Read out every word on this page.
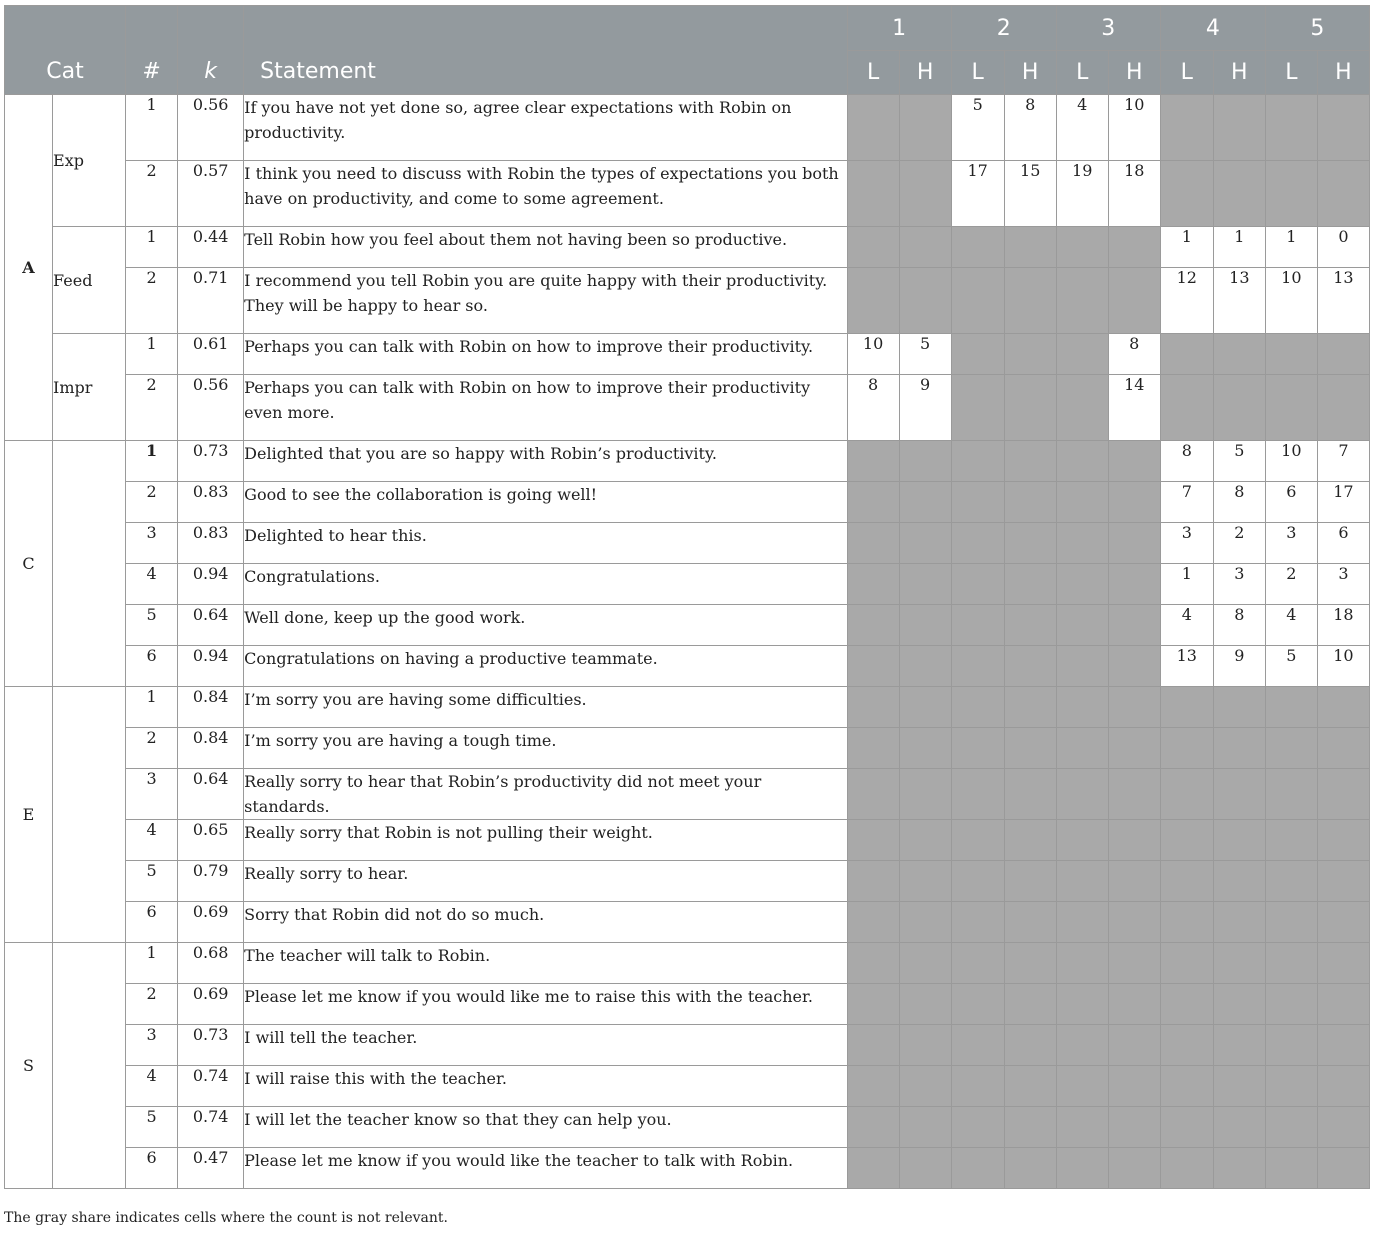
Cat		#	k	Statement	1		2		3		4		5	
					L	H	L	H	L	H	L	H	L	H
A	Exp	1	0.56	If you have not yet done so, agree clear expectations with Robin on productivity.			5	8	4	10				
		2	0.57	I think you need to discuss with Robin the types of expectations you both have on productivity, and come to some agreement.			17	15	19	18				
	Feed	1	0.44	Tell Robin how you feel about them not having been so productive.							1	1	1	0
		2	0.71	I recommend you tell Robin you are quite happy with their productivity. They will be happy to hear so.							12	13	10	13
	Impr	1	0.61	Perhaps you can talk with Robin on how to improve their productivity.	10	5				8				
		2	0.56	Perhaps you can talk with Robin on how to improve their productivity even more.	8	9				14				
C		1	0.73	Delighted that you are so happy with Robin’s productivity.							8	5	10	7
		2	0.83	Good to see the collaboration is going well!							7	8	6	17
		3	0.83	Delighted to hear this.							3	2	3	6
		4	0.94	Congratulations.							1	3	2	3
		5	0.64	Well done, keep up the good work.							4	8	4	18
		6	0.94	Congratulations on having a productive teammate.							13	9	5	10
E		1	0.84	I’m sorry you are having some difficulties.										
		2	0.84	I’m sorry you are having a tough time.										
		3	0.64	Really sorry to hear that Robin’s productivity did not meet your standards.										
		4	0.65	Really sorry that Robin is not pulling their weight.										
		5	0.79	Really sorry to hear.										
		6	0.69	Sorry that Robin did not do so much.										
S		1	0.68	The teacher will talk to Robin.										
		2	0.69	Please let me know if you would like me to raise this with the teacher.										
		3	0.73	I will tell the teacher.										
		4	0.74	I will raise this with the teacher.										
		5	0.74	I will let the teacher know so that they can help you.										
		6	0.47	Please let me know if you would like the teacher to talk with Robin.										
The gray share indicates cells where the count is not relevant.
